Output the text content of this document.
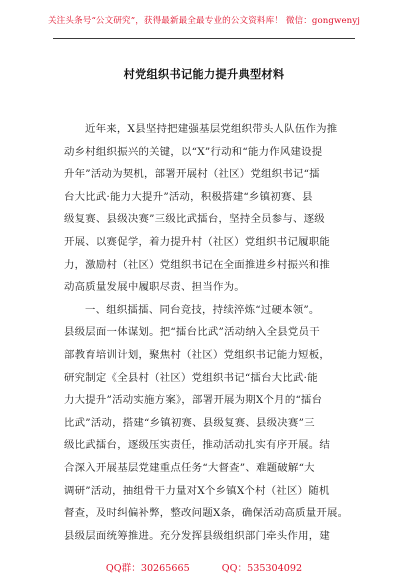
关注头条号“公文研究”，获得最新最全最专业的公文资料库！ 微信：gongwenyj
村党组织书记能力提升典型材料
近年来，X县坚持把建强基层党组织带头人队伍作为推
动乡村组织振兴的关键，以“X”行动和“能力作风建设提
升年”活动为契机，部署开展村（社区）党组织书记“擂
台大比武·能力大提升”活动，积极搭建“乡镇初赛、县
级复赛、县级决赛”三级比武擂台，坚持全员参与、逐级
开展、以赛促学，着力提升村（社区）党组织书记履职能
力，激励村（社区）党组织书记在全面推进乡村振兴和推
动高质量发展中履职尽责、担当作为。
一、组织擂擂、同台竞技，持续淬炼“过硬本领”。
县级层面一体谋划。把“擂台比武”活动纳入全县党员干
部教育培训计划，聚焦村（社区）党组织书记能力短板，
研究制定《全县村（社区）党组织书记“擂台大比武·能
力大提升”活动实施方案》，部署开展为期X个月的“擂台
比武”活动，搭建“乡镇初赛、县级复赛、县级决赛”三
级比武擂台，逐级压实责任，推动活动扎实有序开展。结
合深入开展基层党建重点任务“大督查”、难题破解“大
调研”活动，抽组骨干力量对X个乡镇X个村（社区）随机
督查，及时纠偏补弊，整改问题X条，确保活动高质量开展。
县级层面统筹推进。充分发挥县级组织部门牵头作用，建
QQ群：30265665	QQ：535304092
